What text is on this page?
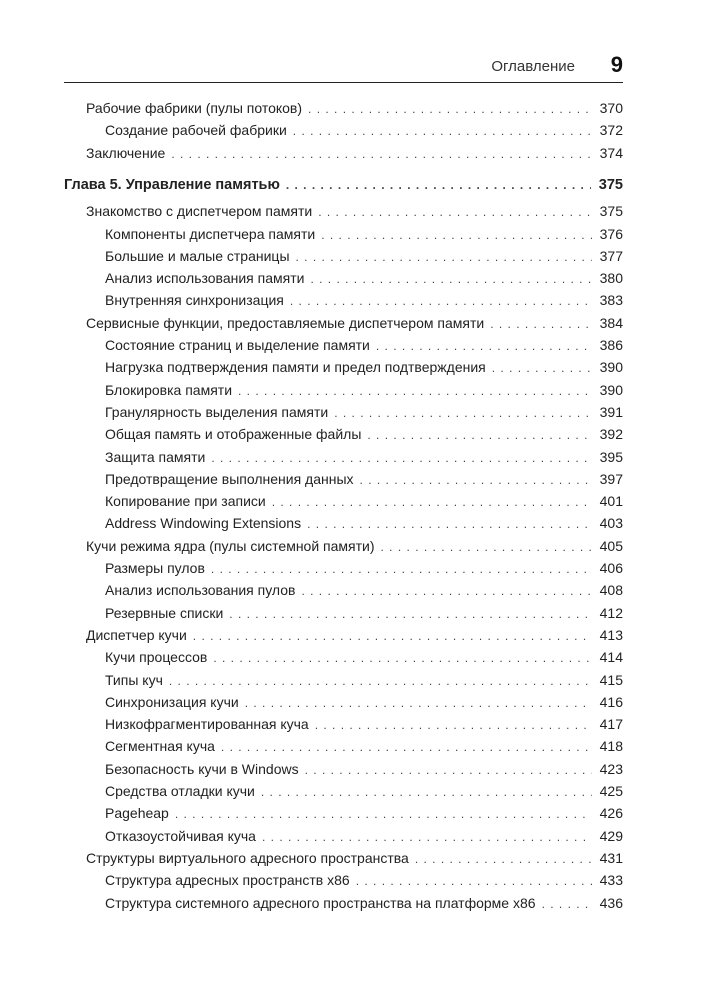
Оглавление 9
Рабочие фабрики (пулы потоков) . . .	370
Создание рабочей фабрики . . .	372
Заключение . . .	374
Глава 5. Управление памятью . . .	375
Знакомство с диспетчером памяти . . .	375
Компоненты диспетчера памяти . . .	376
Большие и малые страницы . . .	377
Анализ использования памяти . . .	380
Внутренняя синхронизация . . .	383
Сервисные функции, предоставляемые диспетчером памяти . . .	384
Состояние страниц и выделение памяти . . .	386
Нагрузка подтверждения памяти и предел подтверждения . . .	390
Блокировка памяти . . .	390
Гранулярность выделения памяти . . .	391
Общая память и отображенные файлы . . .	392
Защита памяти . . .	395
Предотвращение выполнения данных . . .	397
Копирование при записи . . .	401
Address Windowing Extensions . . .	403
Кучи режима ядра (пулы системной памяти) . . .	405
Размеры пулов . . .	406
Анализ использования пулов . . .	408
Резервные списки . . .	412
Диспетчер кучи . . .	413
Кучи процессов . . .	414
Типы куч . . .	415
Синхронизация кучи . . .	416
Низкофрагментированная куча . . .	417
Сегментная куча . . .	418
Безопасность кучи в Windows . . .	423
Средства отладки кучи . . .	425
Pageheap . . .	426
Отказоустойчивая куча . . .	429
Структуры виртуального адресного пространства . . .	431
Структура адресных пространств x86 . . .	433
Структура системного адресного пространства на платформе x86 . . .	436
